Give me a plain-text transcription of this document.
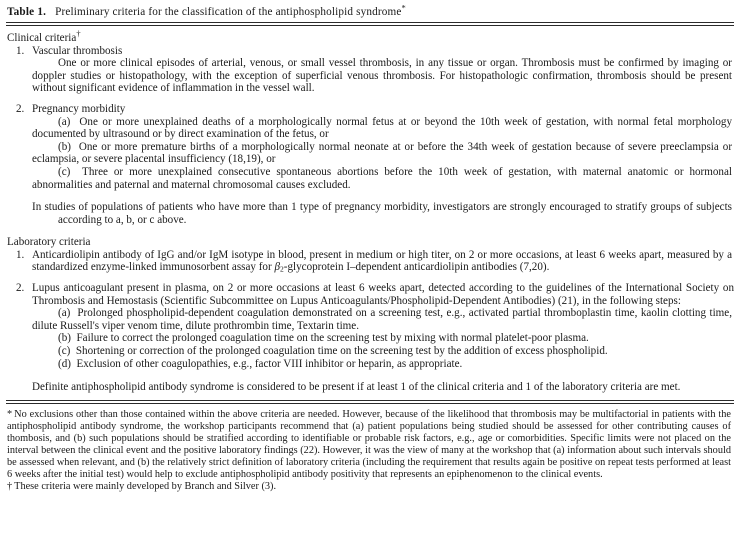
Table 1. Preliminary criteria for the classification of the antiphospholipid syndrome*

Clinical criteria†

1. Vascular thrombosis

One or more clinical episodes of arterial, venous, or small vessel thrombosis, in any tissue or organ. Thrombosis must be confirmed by imaging or doppler studies or histopathology, with the exception of superficial venous thrombosis. For histopathologic confirmation, thrombosis should be present without significant evidence of inflammation in the vessel wall.

2. Pregnancy morbidity

(a) One or more unexplained deaths of a morphologically normal fetus at or beyond the 10th week of gestation, with normal fetal morphology documented by ultrasound or by direct examination of the fetus, or

(b) One or more premature births of a morphologically normal neonate at or before the 34th week of gestation because of severe preeclampsia or eclampsia, or severe placental insufficiency (18,19), or

(c) Three or more unexplained consecutive spontaneous abortions before the 10th week of gestation, with maternal anatomic or hormonal abnormalities and paternal and maternal chromosomal causes excluded.

In studies of populations of patients who have more than 1 type of pregnancy morbidity, investigators are strongly encouraged to stratify groups of subjects according to a, b, or c above.

Laboratory criteria

1. Anticardiolipin antibody of IgG and/or IgM isotype in blood, present in medium or high titer, on 2 or more occasions, at least 6 weeks apart, measured by a standardized enzyme-linked immunosorbent assay for $\beta_2$-glycoprotein I–dependent anticardiolipin antibodies (7,20).

2. Lupus anticoagulant present in plasma, on 2 or more occasions at least 6 weeks apart, detected according to the guidelines of the International Society on Thrombosis and Hemostasis (Scientific Subcommittee on Lupus Anticoagulants/Phospholipid-Dependent Antibodies) (21), in the following steps:

(a) Prolonged phospholipid-dependent coagulation demonstrated on a screening test, e.g., activated partial thromboplastin time, kaolin clotting time, dilute Russell's viper venom time, dilute prothrombin time, Textarin time.

(b) Failure to correct the prolonged coagulation time on the screening test by mixing with normal platelet-poor plasma.

(c) Shortening or correction of the prolonged coagulation time on the screening test by the addition of excess phospholipid.

(d) Exclusion of other coagulopathies, e.g., factor VIII inhibitor or heparin, as appropriate.

Definite antiphospholipid antibody syndrome is considered to be present if at least 1 of the clinical criteria and 1 of the laboratory criteria are met.

* No exclusions other than those contained within the above criteria are needed. However, because of the likelihood that thrombosis may be multifactorial in patients with the antiphospholipid antibody syndrome, the workshop participants recommend that (a) patient populations being studied should be assessed for other contributing causes of thombosis, and (b) such populations should be stratified according to identifiable or probable risk factors, e.g., age or comorbidities. Specific limits were not placed on the interval between the clinical event and the positive laboratory findings (22). However, it was the view of many at the workshop that (a) information about such intervals should be assessed when relevant, and (b) the relatively strict definition of laboratory criteria (including the requirement that results again be positive on repeat tests performed at least 6 weeks after the initial test) would help to exclude antiphospholipid antibody positivity that represents an epiphenomenon to the clinical events.

† These criteria were mainly developed by Branch and Silver (3).
